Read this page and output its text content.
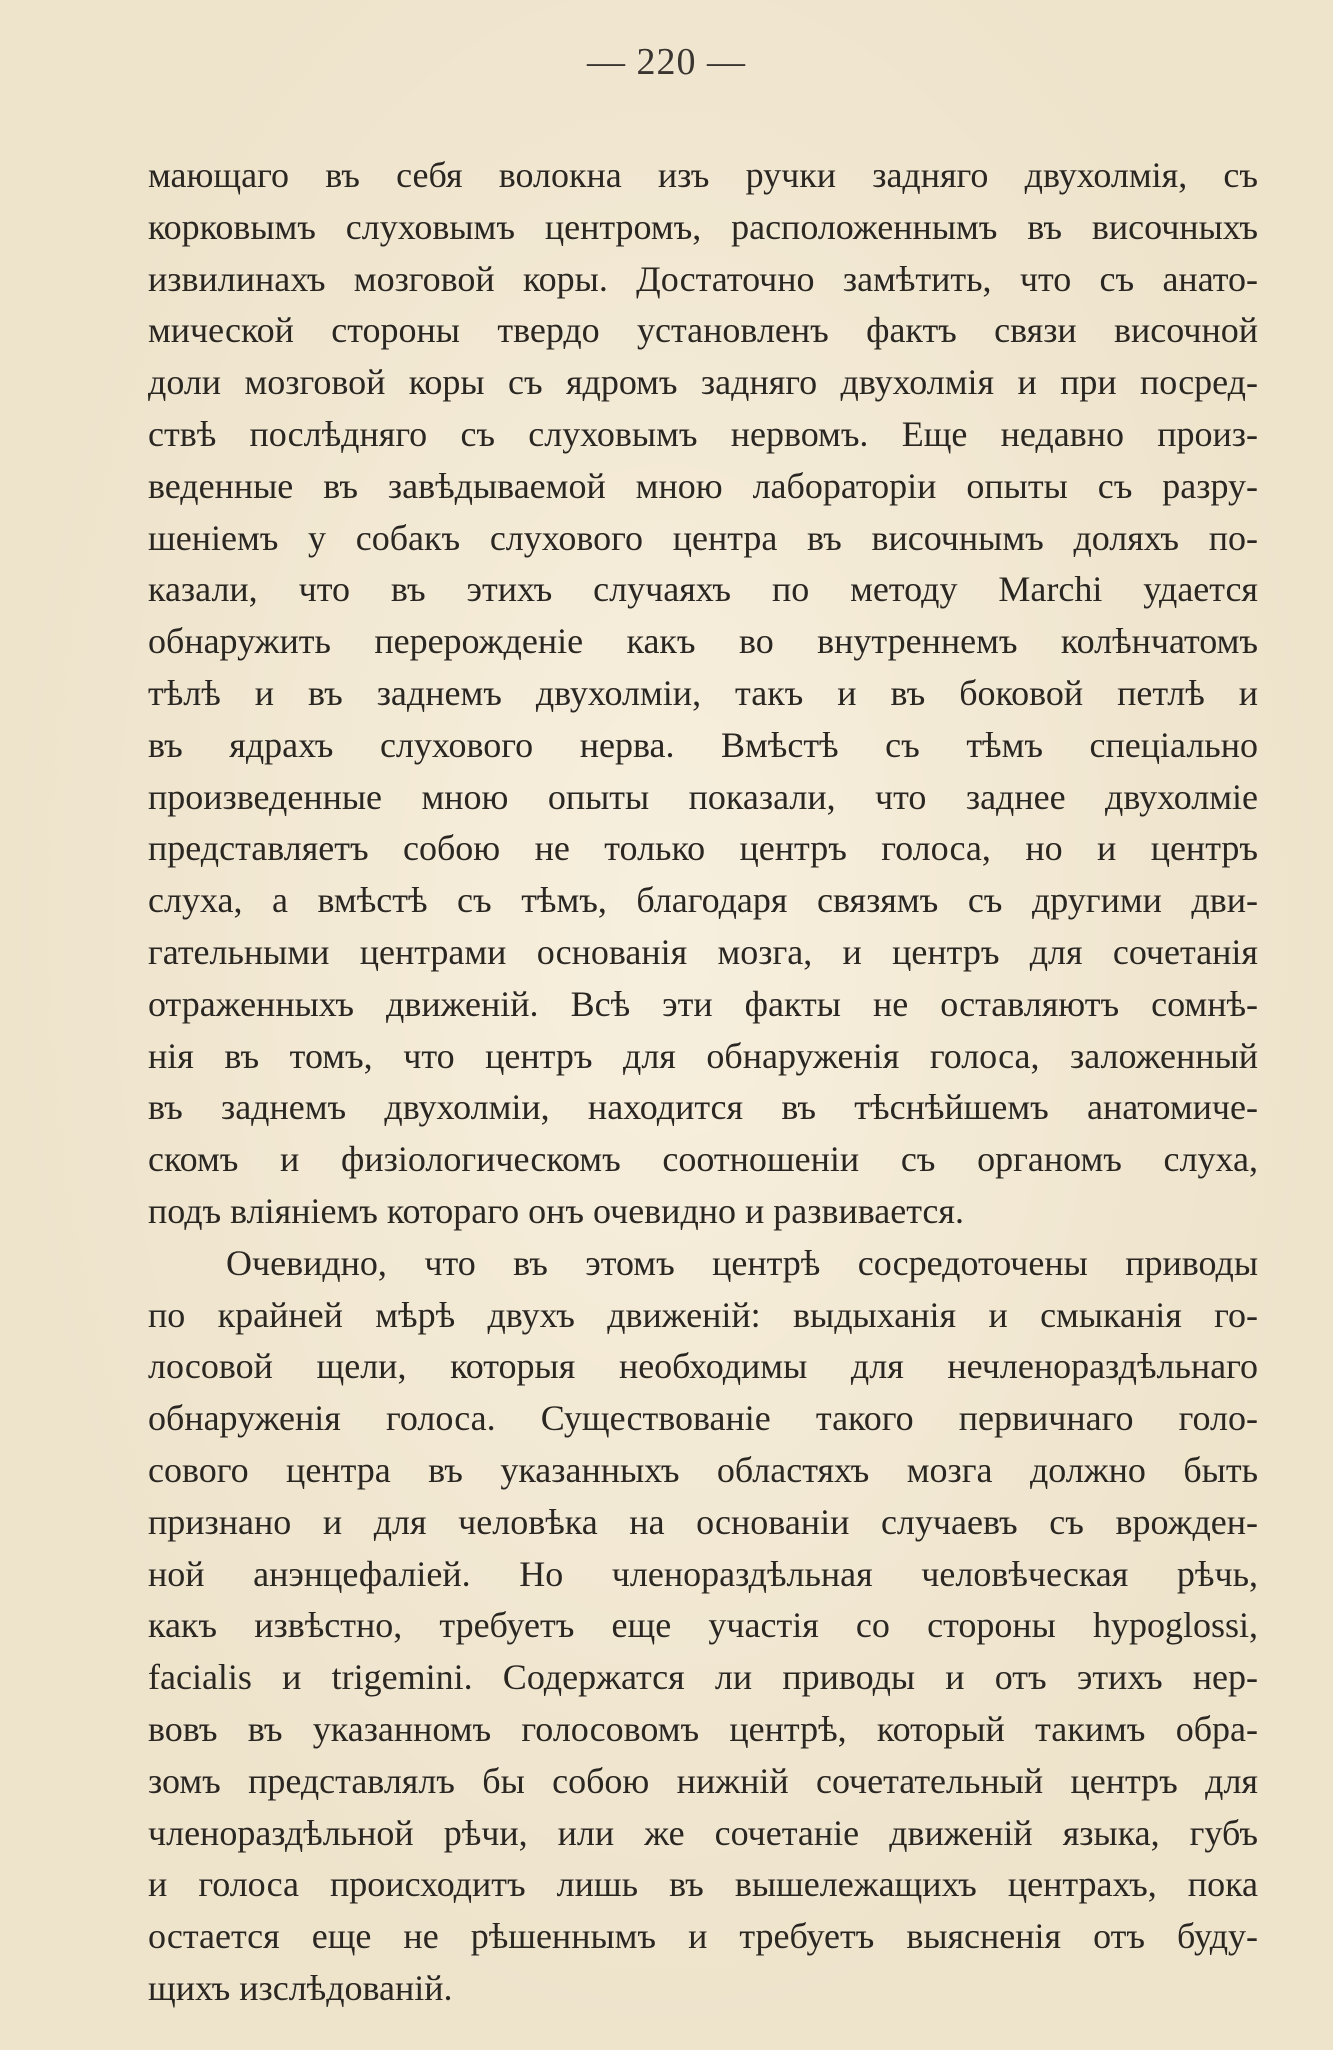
— 220 —
мающаго въ себя волокна изъ ручки задняго двухолмія, съ
корковымъ слуховымъ центромъ, расположеннымъ въ височныхъ
извилинахъ мозговой коры. Достаточно замѣтить, что съ анато-
мической стороны твердо установленъ фактъ связи височной
доли мозговой коры съ ядромъ задняго двухолмія и при посред-
ствѣ послѣдняго съ слуховымъ нервомъ. Еще недавно произ-
веденные въ завѣдываемой мною лабораторіи опыты съ разру-
шеніемъ у собакъ слухового центра въ височнымъ доляхъ по-
казали, что въ этихъ случаяхъ по методу Marchi удается
обнаружить перерожденіе какъ во внутреннемъ колѣнчатомъ
тѣлѣ и въ заднемъ двухолміи, такъ и въ боковой петлѣ и
въ ядрахъ слухового нерва. Вмѣстѣ съ тѣмъ спеціально
произведенные мною опыты показали, что заднее двухолміе
представляетъ собою не только центръ голоса, но и центръ
слуха, а вмѣстѣ съ тѣмъ, благодаря связямъ съ другими дви-
гательными центрами основанія мозга, и центръ для сочетанія
отраженныхъ движеній. Всѣ эти факты не оставляютъ сомнѣ-
нія въ томъ, что центръ для обнаруженія голоса, заложенный
въ заднемъ двухолміи, находится въ тѣснѣйшемъ анатомиче-
скомъ и физіологическомъ соотношеніи съ органомъ слуха,
подъ вліяніемъ котораго онъ очевидно и развивается.
Очевидно, что въ этомъ центрѣ сосредоточены приводы
по крайней мѣрѣ двухъ движеній: выдыханія и смыканія го-
лосовой щели, которыя необходимы для нечленораздѣльнаго
обнаруженія голоса. Существованіе такого первичнаго голо-
сового центра въ указанныхъ областяхъ мозга должно быть
признано и для человѣка на основаніи случаевъ съ врожден-
ной анэнцефаліей. Но членораздѣльная человѣческая рѣчь,
какъ извѣстно, требуетъ еще участія со стороны hypoglossi,
facialis и trigemini. Содержатся ли приводы и отъ этихъ нер-
вовъ въ указанномъ голосовомъ центрѣ, который такимъ обра-
зомъ представлялъ бы собою нижній сочетательный центръ для
членораздѣльной рѣчи, или же сочетаніе движеній языка, губъ
и голоса происходитъ лишь въ вышележащихъ центрахъ, пока
остается еще не рѣшеннымъ и требуетъ выясненія отъ буду-
щихъ изслѣдованій.
